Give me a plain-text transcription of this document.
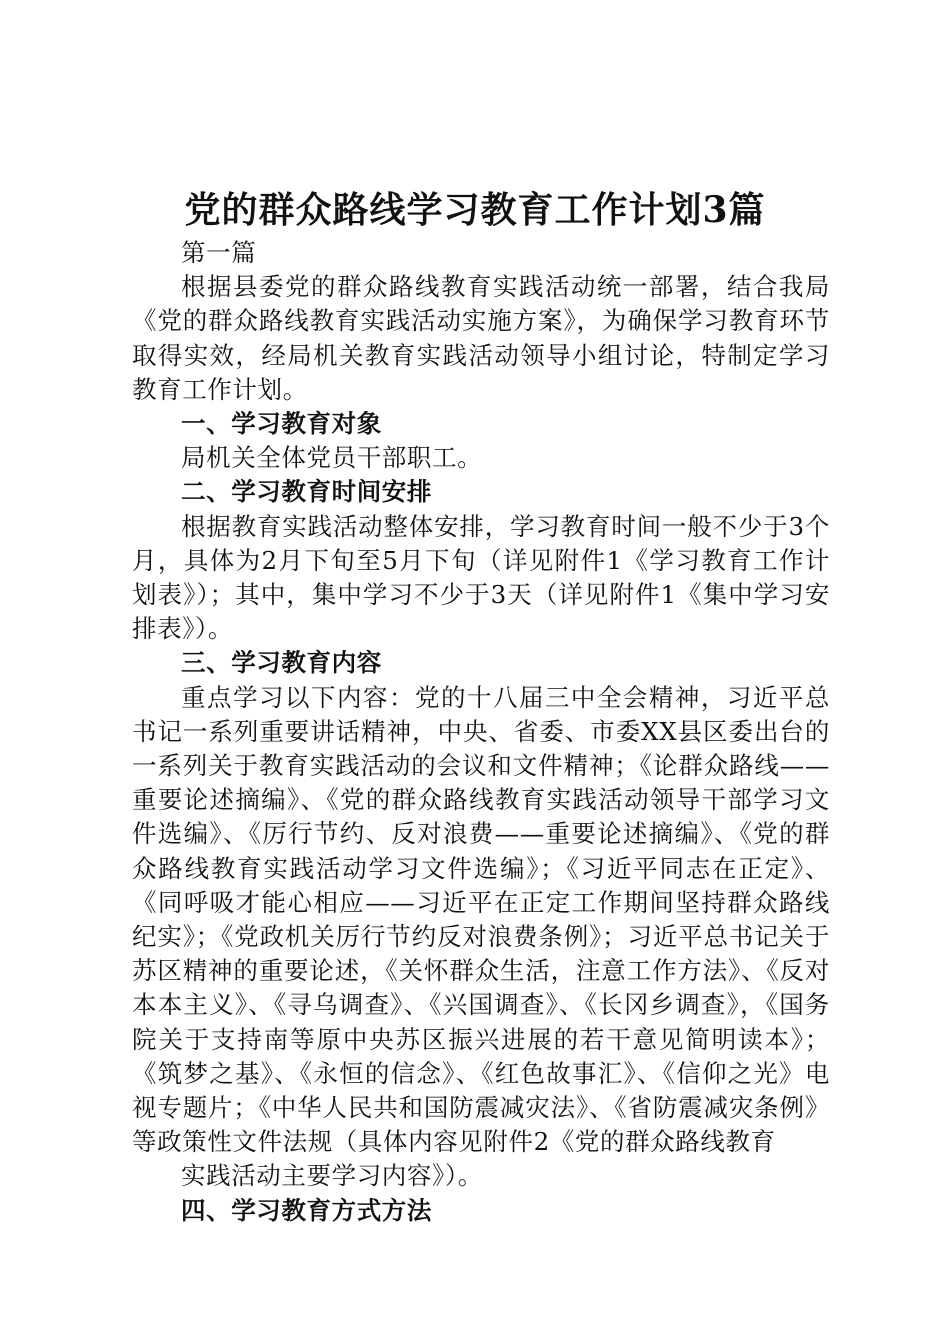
党的群众路线学习教育工作计划3篇

第一篇

根据县委党的群众路线教育实践活动统一部署，结合我局《党的群众路线教育实践活动实施方案》，为确保学习教育环节取得实效，经局机关教育实践活动领导小组讨论，特制定学习教育工作计划。

一、学习教育对象

局机关全体党员干部职工。

二、学习教育时间安排

根据教育实践活动整体安排，学习教育时间一般不少于3个月，具体为2月下旬至5月下旬（详见附件1《学习教育工作计划表》）；其中，集中学习不少于3天（详见附件1《集中学习安排表》）。

三、学习教育内容

重点学习以下内容：党的十八届三中全会精神，习近平总书记一系列重要讲话精神，中央、省委、市委XX县区委出台的一系列关于教育实践活动的会议和文件精神；《论群众路线——重要论述摘编》、《党的群众路线教育实践活动领导干部学习文件选编》、《厉行节约、反对浪费——重要论述摘编》、《党的群众路线教育实践活动学习文件选编》；《习近平同志在正定》、《同呼吸才能心相应——习近平在正定工作期间坚持群众路线纪实》；《党政机关厉行节约反对浪费条例》；习近平总书记关于苏区精神的重要论述，《关怀群众生活，注意工作方法》、《反对本本主义》、《寻乌调查》、《兴国调查》、《长冈乡调查》，《国务院关于支持南等原中央苏区振兴进展的若干意见简明读本》；《筑梦之基》、《永恒的信念》、《红色故事汇》、《信仰之光》电视专题片；《中华人民共和国防震减灾法》、《省防震减灾条例》等政策性文件法规（具体内容见附件2《党的群众路线教育

实践活动主要学习内容》）。

四、学习教育方式方法
